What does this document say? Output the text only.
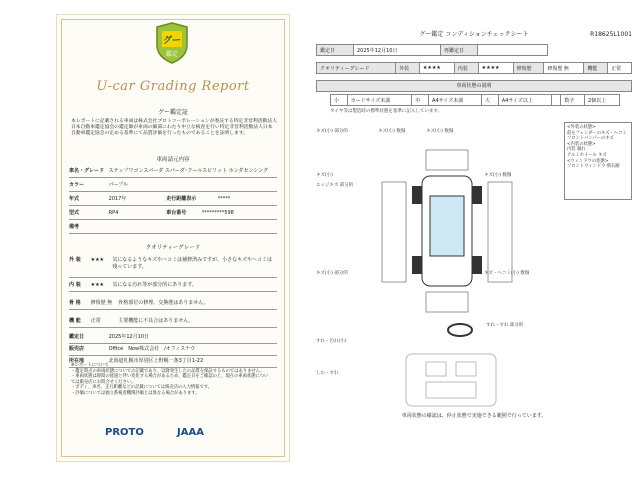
グー
鑑定
U-car Grading Report
グー鑑定証
本レポートに記載される車両は株式会社プロトコーポレーションが委託する特定非営利活動法人日本自動車鑑定協会の鑑定師が車両の細部にわたり中立な検査を行い特定非営利活動法人日本自動車鑑定協会の定める基準にて品質評価を行ったものであることを証明します。
車両請元内容
車名・グレード ステップワゴンスパーダ スパーダ･クールスピリット ホンダセンシング
カラー	パープル
年式	2017年	走行距離表示	*****
型式	RP4	車台番号	*********598
備考
クオリティーグレード
外 装 ★★★ 気になるようなキズやヘコミは補修済みですが、小さなキズやヘコミは残っています。
内 装 ★★★ 気になる汚れ等が部分的にあります。
骨 格 修復歴 無 骨格部位の修理、交換歴はありません。
機 能 正常	主要機能に不具合はありません。
鑑定日	2025年12月10日
販売店	Office　Now株式会社　/オフィスナウ
所在地	北海道札幌市厚別区上野幌一条3丁目1-22
※レポートについて
・鑑定時点の車両状態についての記載であり、以降発生したの品質を保証するものではありません。
・車両状態は時間の経過と伴い変化する場合があるため、鑑定日をご確認の上、現在の車両状態については販売店にお問合せください。
・ボディ、車名、走行距離などの記載については販売店の入力情報です。
・評価については独立系検査機関評価とは異なる場合があります。
PROTO	JAAA
グー鑑定 コンディションチェックシート	R18625L1001
鑑定日	2025年12月10日	再鑑定日	
クオリティーグレード	外装	★★★★	内装	★★★★	修復歴	修復歴 無	機能	正常
車両状態の説明
小	カードサイズ未満	中	A4サイズ未満	大	A4サイズ以上		数字	2個以上
タイヤ等は製造時の標準状態を基準に記入しています。
キズ(小) 部分的	キズ(小) 数個	キズ(小) 数個
キズ(小)
エッジキズ 部分的
キズ(小) 数個
キズ・ヘコミ(小) 数個
キズ(小) 部分的
すれ・すれ 部分的
すれ・汚れ(小)
しわ・すれ
<外装の状態>
前左フェンダーのキズ・ヘコミ
フロントバンパーのキズ
<内装の状態>
内装 腐れ
アルミホイール キズ
<ウィンドウの状態>
フロントウィンドウ 飛石跡
車両状態の確認は、停止状態で実施できる範囲で行っています。
